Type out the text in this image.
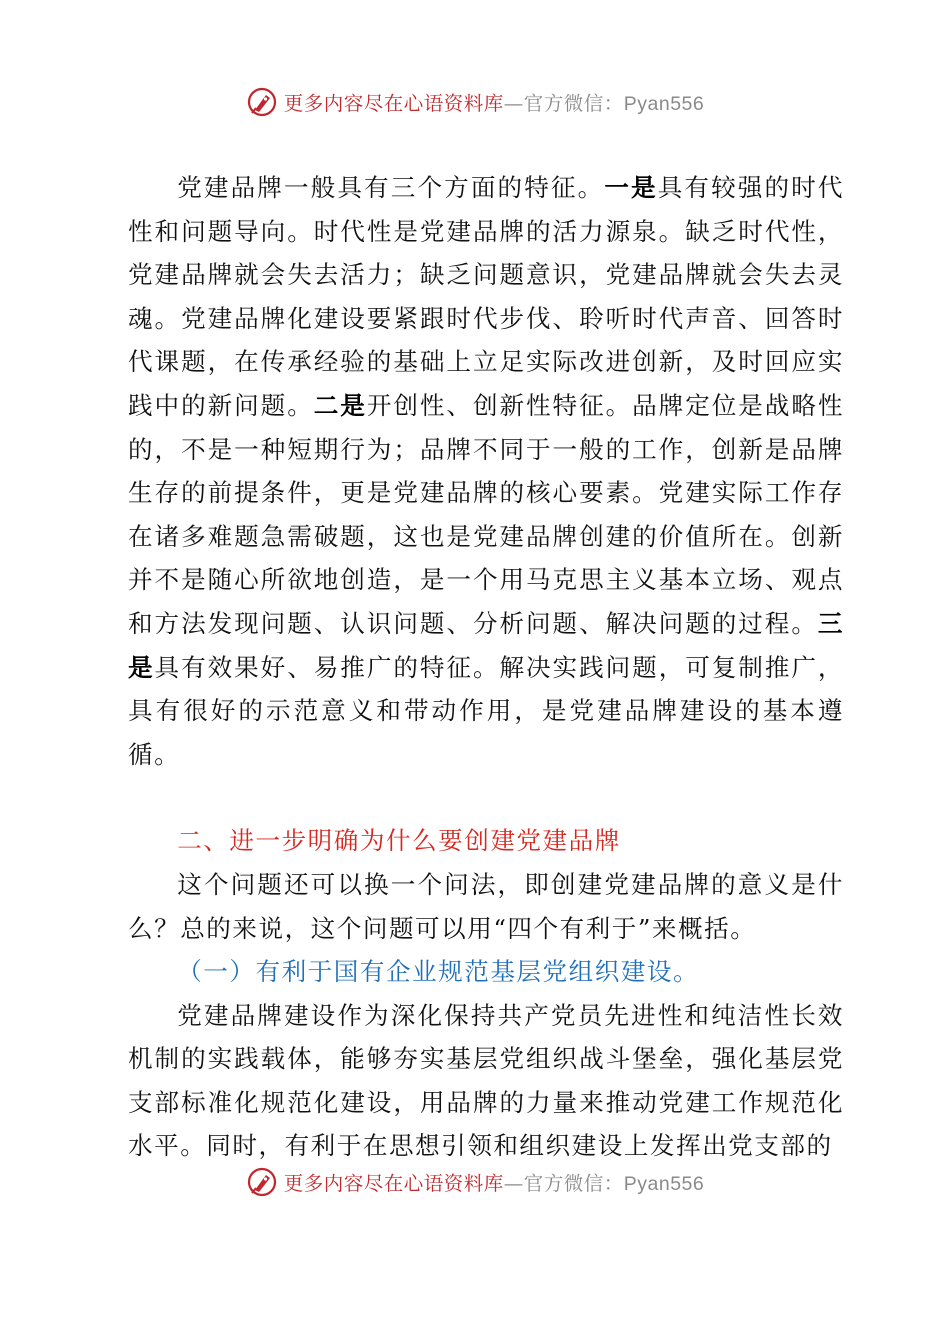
更多内容尽在心语资料库—官方微信：Pyan556

党建品牌一般具有三个方面的特征。一是具有较强的时代性和问题导向。时代性是党建品牌的活力源泉。缺乏时代性，党建品牌就会失去活力；缺乏问题意识，党建品牌就会失去灵魂。党建品牌化建设要紧跟时代步伐、聆听时代声音、回答时代课题，在传承经验的基础上立足实际改进创新，及时回应实践中的新问题。二是开创性、创新性特征。品牌定位是战略性的，不是一种短期行为；品牌不同于一般的工作，创新是品牌生存的前提条件，更是党建品牌的核心要素。党建实际工作存在诸多难题急需破题，这也是党建品牌创建的价值所在。创新并不是随心所欲地创造，是一个用马克思主义基本立场、观点和方法发现问题、认识问题、分析问题、解决问题的过程。三是具有效果好、易推广的特征。解决实践问题，可复制推广，具有很好的示范意义和带动作用，是党建品牌建设的基本遵循。

二、进一步明确为什么要创建党建品牌

这个问题还可以换一个问法，即创建党建品牌的意义是什么？总的来说，这个问题可以用“四个有利于”来概括。

（一）有利于国有企业规范基层党组织建设。

党建品牌建设作为深化保持共产党员先进性和纯洁性长效机制的实践载体，能够夯实基层党组织战斗堡垒，强化基层党支部标准化规范化建设，用品牌的力量来推动党建工作规范化水平。同时，有利于在思想引领和组织建设上发挥出党支部的

更多内容尽在心语资料库—官方微信：Pyan556
